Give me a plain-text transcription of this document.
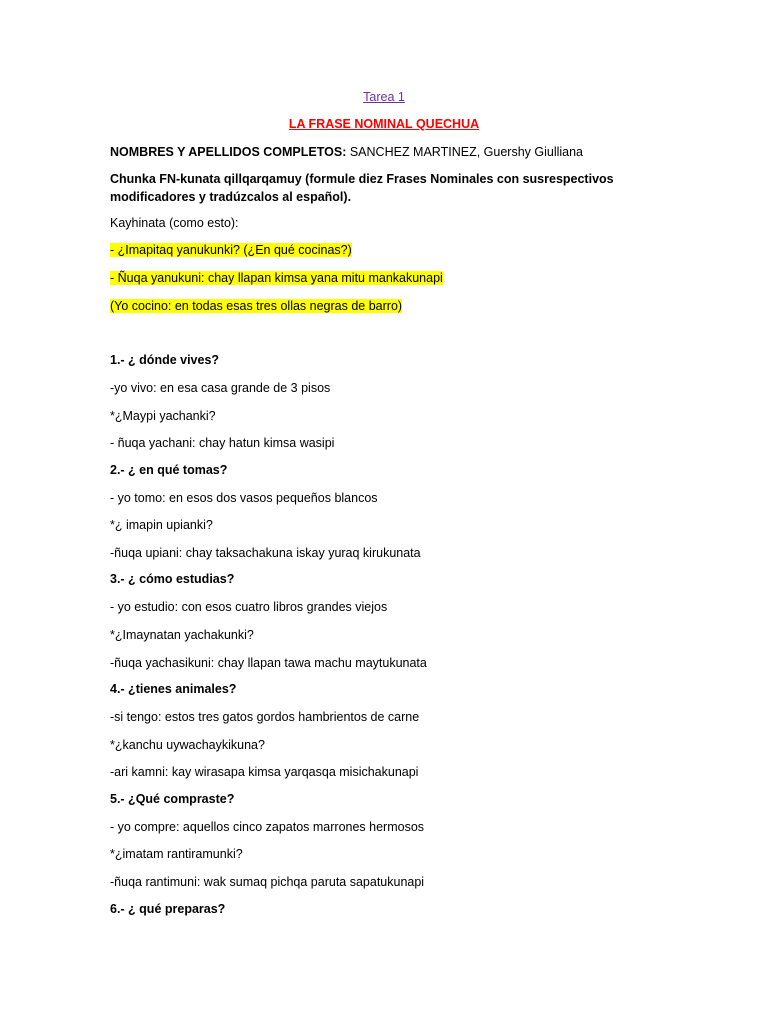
Tarea 1
LA FRASE NOMINAL QUECHUA
NOMBRES Y APELLIDOS COMPLETOS: SANCHEZ MARTINEZ, Guershy Giulliana
Chunka FN-kunata qillqarqamuy (formule diez Frases Nominales con susrespectivos modificadores y tradúzcalos al español).
Kayhinata (como esto):
- ¿Imapitaq yanukunki? (¿En qué cocinas?)
- Ñuqa yanukuni: chay llapan kimsa yana mitu mankakunapi
(Yo cocino: en todas esas tres ollas negras de barro)
1.- ¿ dónde vives?
-yo vivo: en esa casa grande de 3 pisos
*¿Maypi yachanki?
- ñuqa yachani: chay hatun kimsa wasipi
2.- ¿ en qué tomas?
- yo tomo: en esos dos vasos pequeños blancos
*¿ imapin upianki?
-ñuqa upiani: chay taksachakuna iskay yuraq kirukunata
3.- ¿ cómo estudias?
- yo estudio: con esos cuatro libros grandes viejos
*¿Imaynatan yachakunki?
-ñuqa yachasikuni: chay llapan tawa machu maytukunata
4.- ¿tienes animales?
-si tengo: estos tres gatos gordos hambrientos de carne
*¿kanchu uywachaykikuna?
-ari kamni: kay wirasapa kimsa yarqasqa misichakunapi
5.- ¿Qué compraste?
- yo compre: aquellos cinco zapatos marrones hermosos
*¿imatam rantiramunki?
-ñuqa rantimuni: wak sumaq pichqa paruta sapatukunapi
6.- ¿ qué preparas?
